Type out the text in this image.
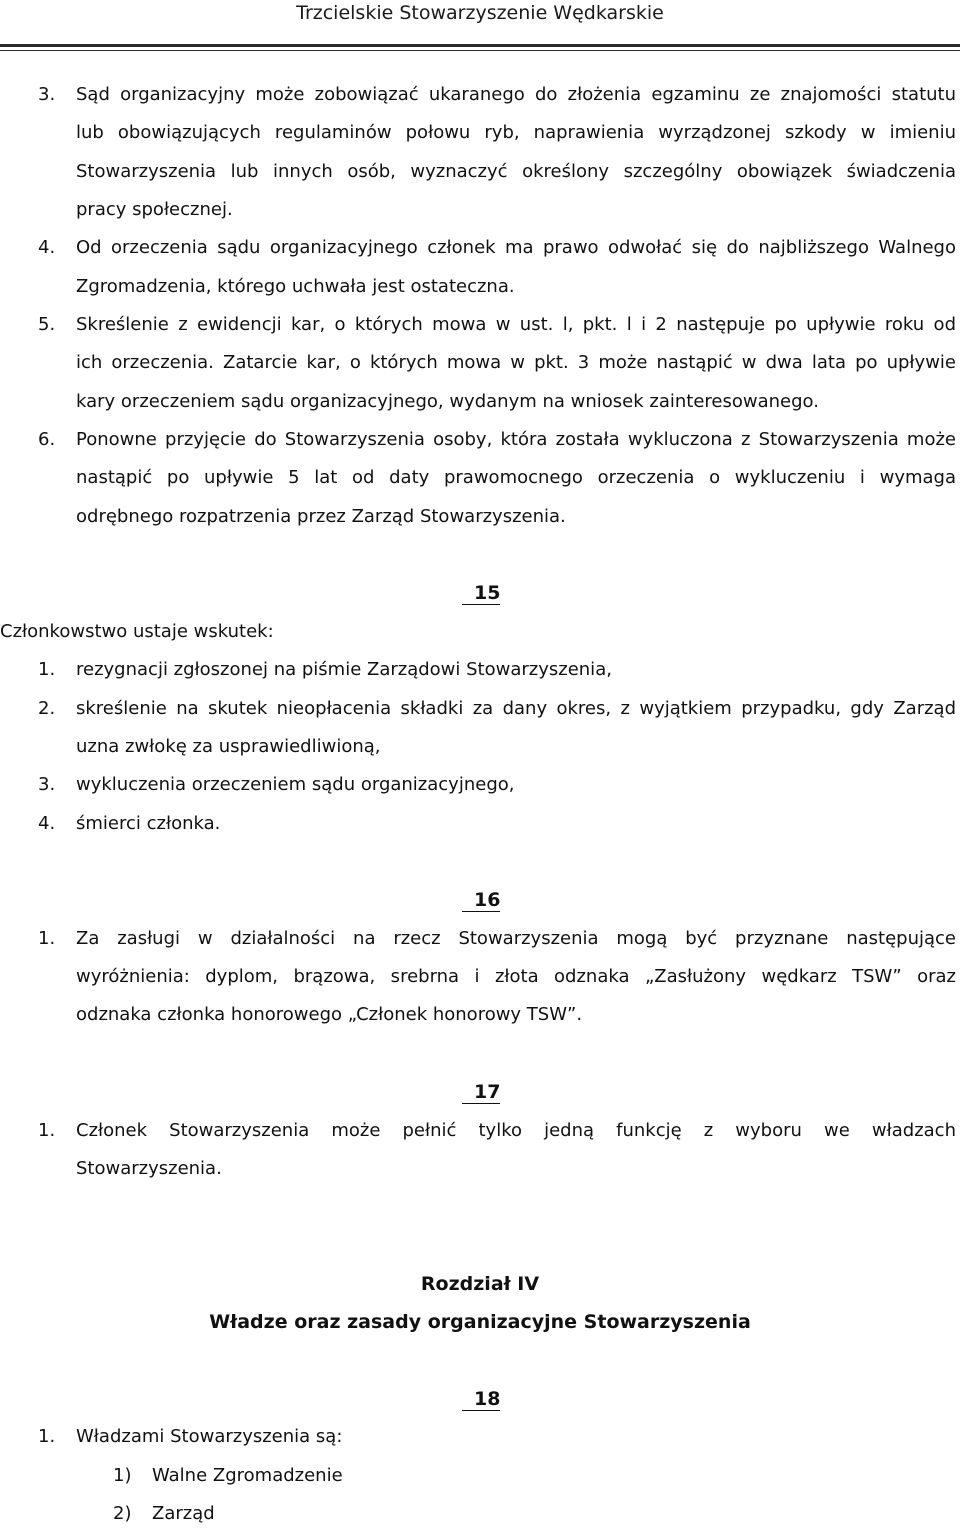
Trzcielskie Stowarzyszenie Wędkarskie
3. Sąd organizacyjny może zobowiązać ukaranego do złożenia egzaminu ze znajomości statutu
lub obowiązujących regulaminów połowu ryb, naprawienia wyrządzonej szkody w imieniu
Stowarzyszenia lub innych osób, wyznaczyć określony szczególny obowiązek świadczenia
pracy społecznej.
4. Od orzeczenia sądu organizacyjnego członek ma prawo odwołać się do najbliższego Walnego
Zgromadzenia, którego uchwała jest ostateczna.
5. Skreślenie z ewidencji kar, o których mowa w ust. l, pkt. l i 2 następuje po upływie roku od
ich orzeczenia. Zatarcie kar, o których mowa w pkt. 3 może nastąpić w dwa lata po upływie
kary orzeczeniem sądu organizacyjnego, wydanym na wniosek zainteresowanego.
6. Ponowne przyjęcie do Stowarzyszenia osoby, która została wykluczona z Stowarzyszenia może
nastąpić po upływie 5 lat od daty prawomocnego orzeczenia o wykluczeniu i wymaga
odrębnego rozpatrzenia przez Zarząd Stowarzyszenia.
15
Członkowstwo ustaje wskutek:
1. rezygnacji zgłoszonej na piśmie Zarządowi Stowarzyszenia,
2. skreślenie na skutek nieopłacenia składki za dany okres, z wyjątkiem przypadku, gdy Zarząd
uzna zwłokę za usprawiedliwioną,
3. wykluczenia orzeczeniem sądu organizacyjnego,
4. śmierci członka.
16
1. Za zasługi w działalności na rzecz Stowarzyszenia mogą być przyznane następujące
wyróżnienia: dyplom, brązowa, srebrna i złota odznaka „Zasłużony wędkarz TSW” oraz
odznaka członka honorowego „Członek honorowy TSW”.
17
1. Członek Stowarzyszenia może pełnić tylko jedną funkcję z wyboru we władzach
Stowarzyszenia.
Rozdział IV
Władze oraz zasady organizacyjne Stowarzyszenia
18
1. Władzami Stowarzyszenia są:
1) Walne Zgromadzenie
2) Zarząd
